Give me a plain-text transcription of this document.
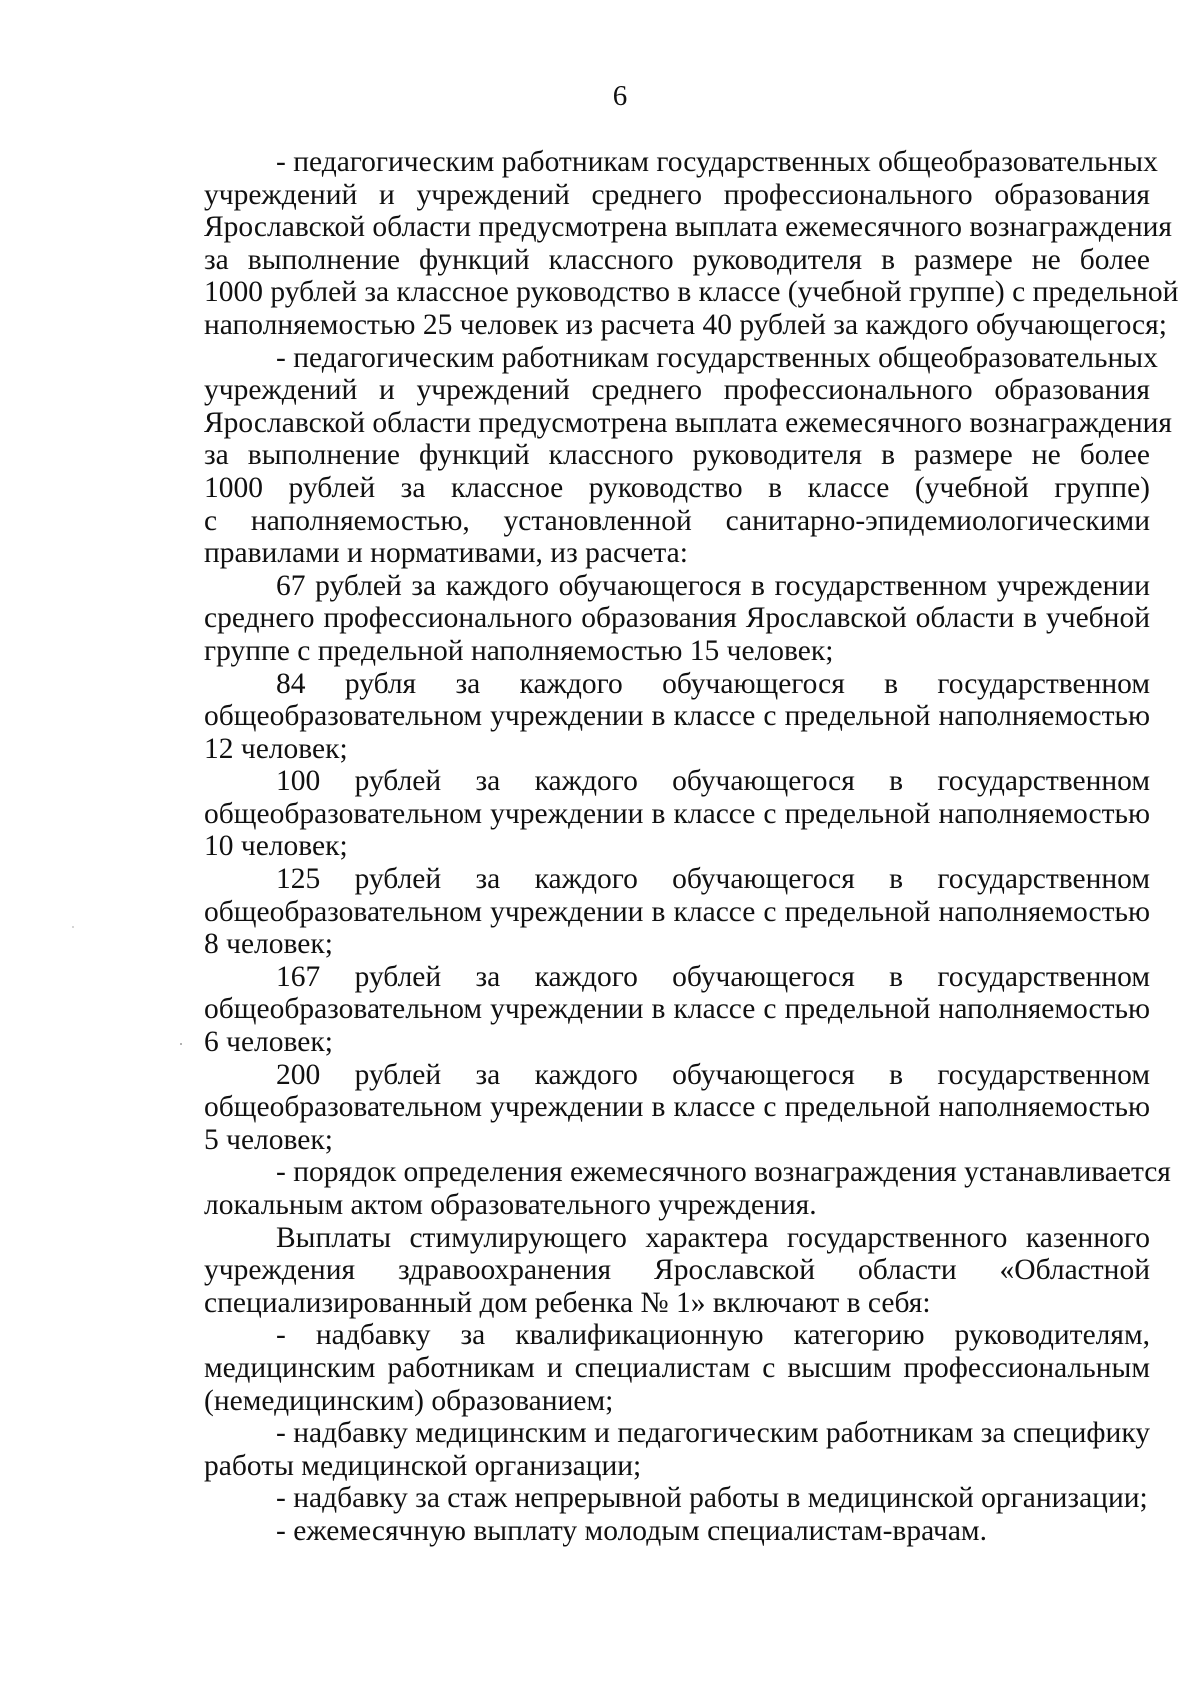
6
- педагогическим работникам государственных общеобразовательных
учреждений и учреждений среднего профессионального образования
Ярославской области предусмотрена выплата ежемесячного вознаграждения
за выполнение функций классного руководителя в размере не более
1000 рублей за классное руководство в классе (учебной группе) с предельной
наполняемостью 25 человек из расчета 40 рублей за каждого обучающегося;
- педагогическим работникам государственных общеобразовательных
учреждений и учреждений среднего профессионального образования
Ярославской области предусмотрена выплата ежемесячного вознаграждения
за выполнение функций классного руководителя в размере не более
1000 рублей за классное руководство в классе (учебной группе)
с наполняемостью, установленной санитарно-эпидемиологическими
правилами и нормативами, из расчета:
67 рублей за каждого обучающегося в государственном учреждении
среднего профессионального образования Ярославской области в учебной
группе с предельной наполняемостью 15 человек;
84 рубля за каждого обучающегося в государственном
общеобразовательном учреждении в классе с предельной наполняемостью
12 человек;
100 рублей за каждого обучающегося в государственном
общеобразовательном учреждении в классе с предельной наполняемостью
10 человек;
125 рублей за каждого обучающегося в государственном
общеобразовательном учреждении в классе с предельной наполняемостью
8 человек;
167 рублей за каждого обучающегося в государственном
общеобразовательном учреждении в классе с предельной наполняемостью
6 человек;
200 рублей за каждого обучающегося в государственном
общеобразовательном учреждении в классе с предельной наполняемостью
5 человек;
- порядок определения ежемесячного вознаграждения устанавливается
локальным актом образовательного учреждения.
Выплаты стимулирующего характера государственного казенного
учреждения здравоохранения Ярославской области «Областной
специализированный дом ребенка № 1» включают в себя:
- надбавку за квалификационную категорию руководителям,
медицинским работникам и специалистам с высшим профессиональным
(немедицинским) образованием;
- надбавку медицинским и педагогическим работникам за специфику
работы медицинской организации;
- надбавку за стаж непрерывной работы в медицинской организации;
- ежемесячную выплату молодым специалистам-врачам.
